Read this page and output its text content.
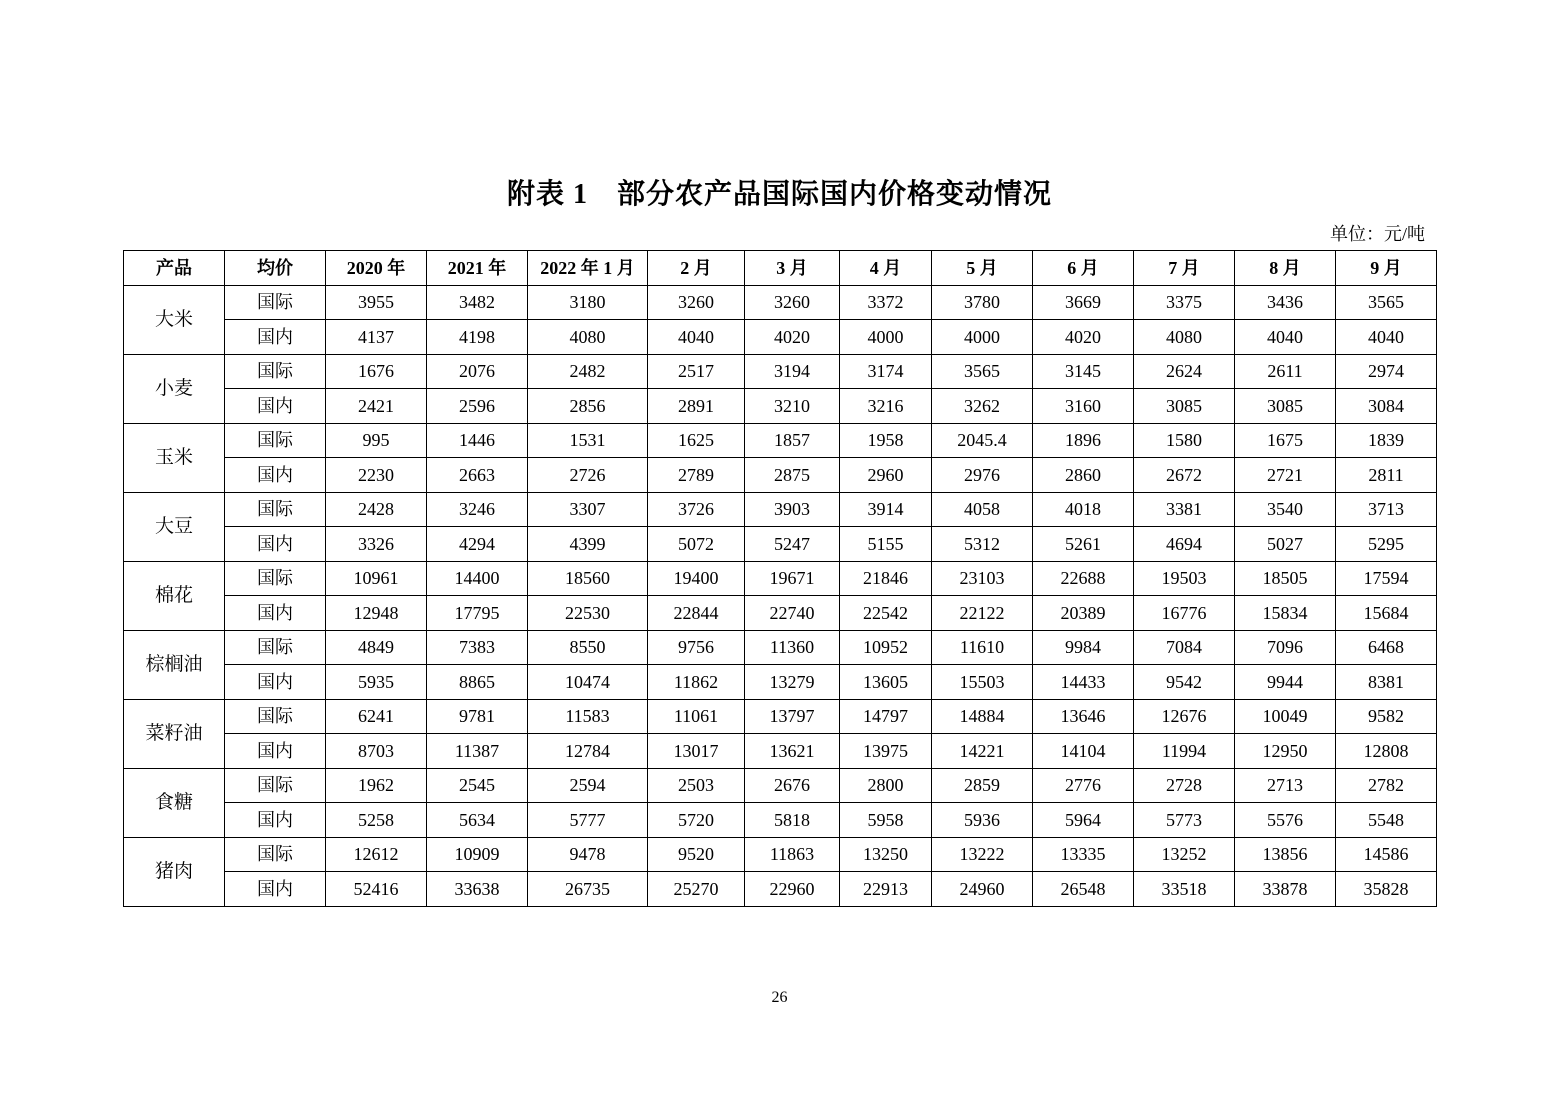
附表 1　部分农产品国际国内价格变动情况
单位：元/吨
产品	均价	2020 年	2021 年	2022 年 1 月	2 月	3 月	4 月	5 月	6 月	7 月	8 月	9 月
大米	国际	3955	3482	3180	3260	3260	3372	3780	3669	3375	3436	3565
	国内	4137	4198	4080	4040	4020	4000	4000	4020	4080	4040	4040
小麦	国际	1676	2076	2482	2517	3194	3174	3565	3145	2624	2611	2974
	国内	2421	2596	2856	2891	3210	3216	3262	3160	3085	3085	3084
玉米	国际	995	1446	1531	1625	1857	1958	2045.4	1896	1580	1675	1839
	国内	2230	2663	2726	2789	2875	2960	2976	2860	2672	2721	2811
大豆	国际	2428	3246	3307	3726	3903	3914	4058	4018	3381	3540	3713
	国内	3326	4294	4399	5072	5247	5155	5312	5261	4694	5027	5295
棉花	国际	10961	14400	18560	19400	19671	21846	23103	22688	19503	18505	17594
	国内	12948	17795	22530	22844	22740	22542	22122	20389	16776	15834	15684
棕榈油	国际	4849	7383	8550	9756	11360	10952	11610	9984	7084	7096	6468
	国内	5935	8865	10474	11862	13279	13605	15503	14433	9542	9944	8381
菜籽油	国际	6241	9781	11583	11061	13797	14797	14884	13646	12676	10049	9582
	国内	8703	11387	12784	13017	13621	13975	14221	14104	11994	12950	12808
食糖	国际	1962	2545	2594	2503	2676	2800	2859	2776	2728	2713	2782
	国内	5258	5634	5777	5720	5818	5958	5936	5964	5773	5576	5548
猪肉	国际	12612	10909	9478	9520	11863	13250	13222	13335	13252	13856	14586
	国内	52416	33638	26735	25270	22960	22913	24960	26548	33518	33878	35828
26
